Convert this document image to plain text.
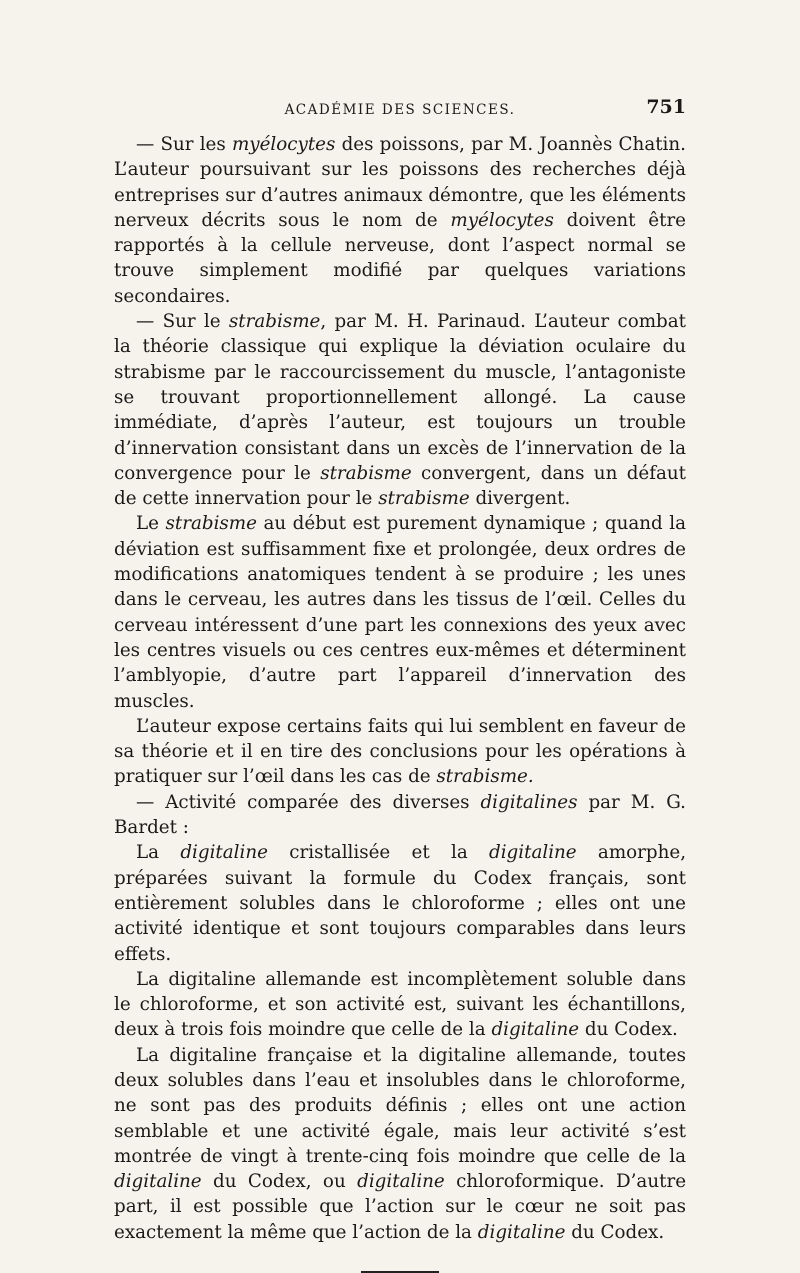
ACADÉMIE DES SCIENCES.	751

— Sur les myélocytes des poissons, par M. Joannès Chatin. L’auteur poursuivant sur les poissons des recherches déjà entreprises sur d’autres animaux démontre, que les éléments nerveux décrits sous le nom de myélocytes doivent être rapportés à la cellule nerveuse, dont l’aspect normal se trouve simplement modifié par quelques variations secondaires.

— Sur le strabisme, par M. H. Parinaud. L’auteur combat la théorie classique qui explique la déviation oculaire du strabisme par le raccourcissement du muscle, l’antagoniste se trouvant proportionnellement allongé. La cause immédiate, d’après l’auteur, est toujours un trouble d’innervation consistant dans un excès de l’innervation de la convergence pour le strabisme convergent, dans un défaut de cette innervation pour le strabisme divergent.

Le strabisme au début est purement dynamique ; quand la déviation est suffisamment fixe et prolongée, deux ordres de modifications anatomiques tendent à se produire ; les unes dans le cerveau, les autres dans les tissus de l’œil. Celles du cerveau intéressent d’une part les connexions des yeux avec les centres visuels ou ces centres eux-mêmes et déterminent l’amblyopie, d’autre part l’appareil d’innervation des muscles.

L’auteur expose certains faits qui lui semblent en faveur de sa théorie et il en tire des conclusions pour les opérations à pratiquer sur l’œil dans les cas de strabisme.

— Activité comparée des diverses digitalines par M. G. Bardet :

La digitaline cristallisée et la digitaline amorphe, préparées suivant la formule du Codex français, sont entièrement solubles dans le chloroforme ; elles ont une activité identique et sont toujours comparables dans leurs effets.

La digitaline allemande est incomplètement soluble dans le chloroforme, et son activité est, suivant les échantillons, deux à trois fois moindre que celle de la digitaline du Codex.

La digitaline française et la digitaline allemande, toutes deux solubles dans l’eau et insolubles dans le chloroforme, ne sont pas des produits définis ; elles ont une action semblable et une activité égale, mais leur activité s’est montrée de vingt à trente-cinq fois moindre que celle de la digitaline du Codex, ou digitaline chloroformique. D’autre part, il est possible que l’action sur le cœur ne soit pas exactement la même que l’action de la digitaline du Codex.
